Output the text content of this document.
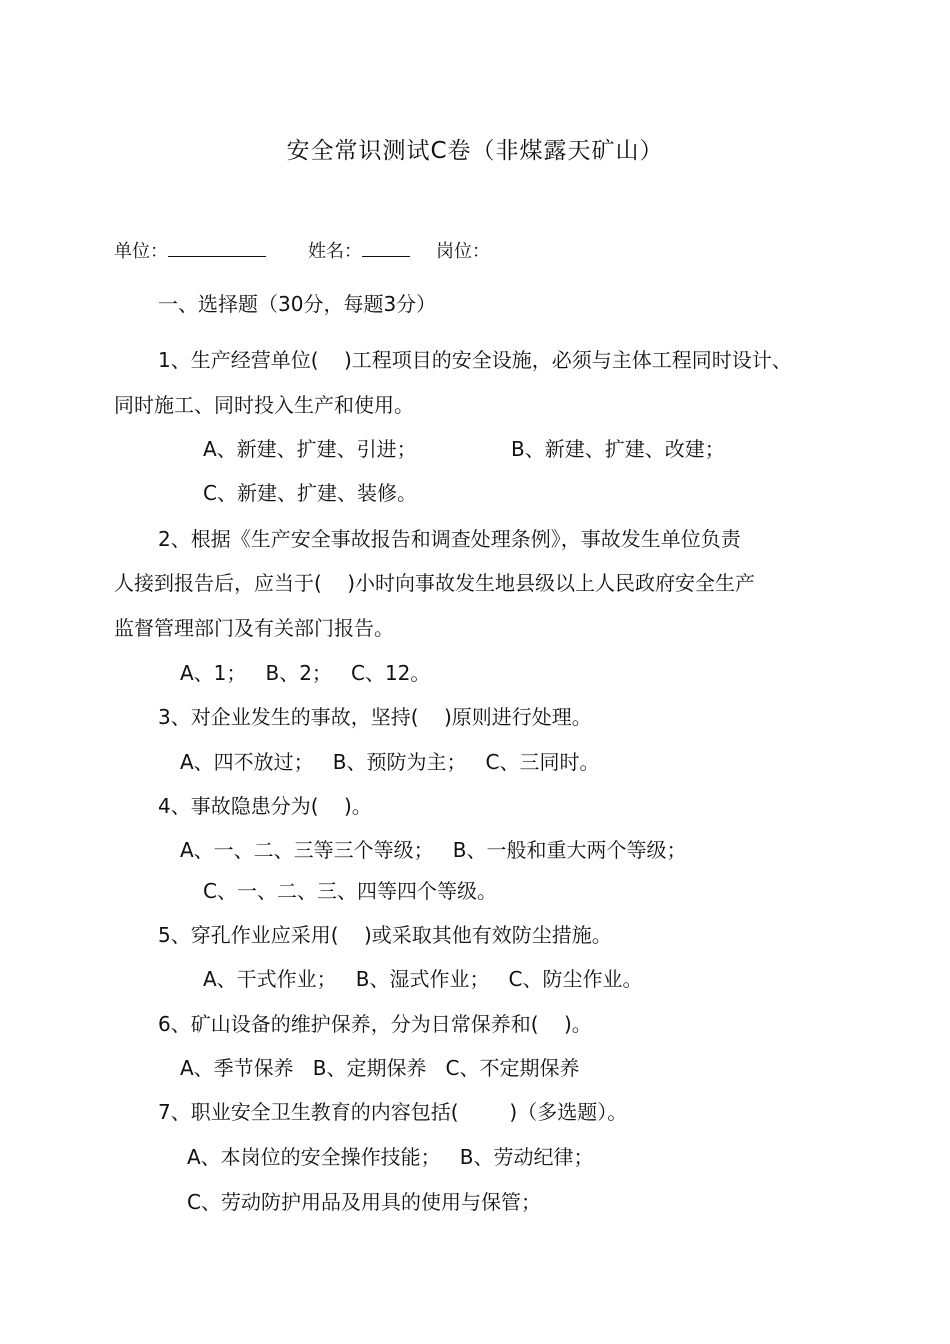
安全常识测试C卷（非煤露天矿山）
单位：	姓名：	岗位：
一、选择题（30分，每题3分）
1、生产经营单位(    )工程项目的安全设施，必须与主体工程同时设计、
同时施工、同时投入生产和使用。
A、新建、扩建、引进；	B、新建、扩建、改建；
C、新建、扩建、装修。
2、根据《生产安全事故报告和调查处理条例》，事故发生单位负责
人接到报告后，应当于(    )小时向事故发生地县级以上人民政府安全生产
监督管理部门及有关部门报告。
A、1；   B、2；   C、12。
3、对企业发生的事故，坚持(    )原则进行处理。
A、四不放过；   B、预防为主；   C、三同时。
4、事故隐患分为(    )。
A、一、二、三等三个等级；   B、一般和重大两个等级；
C、一、二、三、四等四个等级。
5、穿孔作业应采用(    )或采取其他有效防尘措施。
A、干式作业；   B、湿式作业；   C、防尘作业。
6、矿山设备的维护保养，分为日常保养和(    )。
A、季节保养   B、定期保养   C、不定期保养
7、职业安全卫生教育的内容包括(        )（多选题）。
A、本岗位的安全操作技能；   B、劳动纪律；
C、劳动防护用品及用具的使用与保管；
